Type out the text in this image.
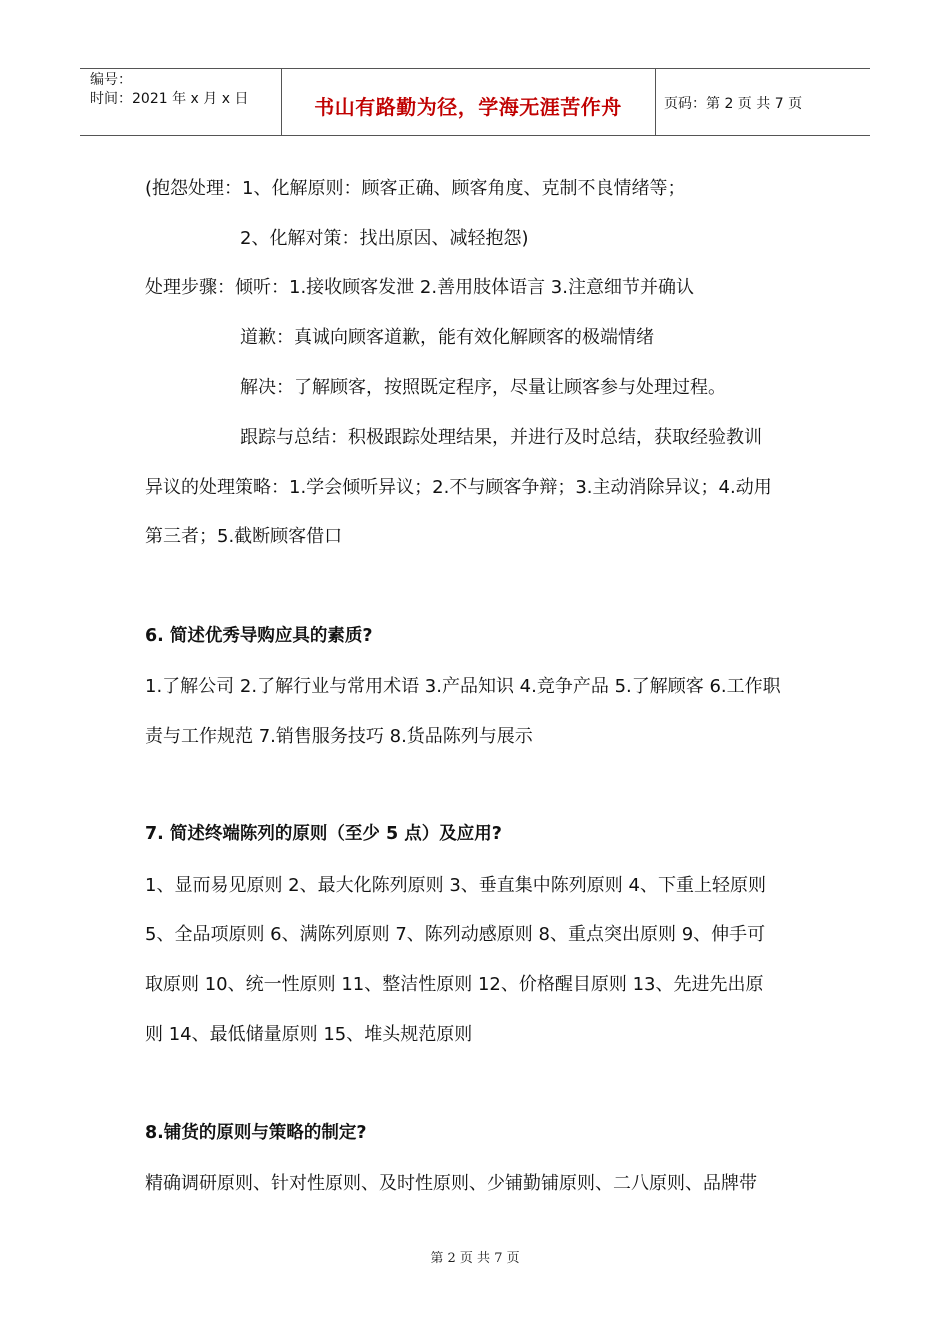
编号：
时间：2021 年 x 月 x 日	书山有路勤为径，学海无涯苦作舟	页码：第 2 页 共 7 页
(抱怨处理：1、化解原则：顾客正确、顾客角度、克制不良情绪等；
2、化解对策：找出原因、减轻抱怨)
处理步骤：倾听：1.接收顾客发泄 2.善用肢体语言 3.注意细节并确认
道歉：真诚向顾客道歉，能有效化解顾客的极端情绪
解决：了解顾客，按照既定程序，尽量让顾客参与处理过程。
跟踪与总结：积极跟踪处理结果，并进行及时总结，获取经验教训
异议的处理策略：1.学会倾听异议；2.不与顾客争辩；3.主动消除异议；4.动用
第三者；5.截断顾客借口
6. 简述优秀导购应具的素质?
1.了解公司 2.了解行业与常用术语 3.产品知识 4.竞争产品 5.了解顾客 6.工作职
责与工作规范 7.销售服务技巧 8.货品陈列与展示
7. 简述终端陈列的原则（至少 5 点）及应用?
1、显而易见原则 2、最大化陈列原则 3、垂直集中陈列原则 4、下重上轻原则
5、全品项原则 6、满陈列原则 7、陈列动感原则 8、重点突出原则 9、伸手可
取原则 10、统一性原则 11、整洁性原则 12、价格醒目原则 13、先进先出原
则 14、最低储量原则 15、堆头规范原则
8.铺货的原则与策略的制定?
精确调研原则、针对性原则、及时性原则、少铺勤铺原则、二八原则、品牌带
第 2 页 共 7 页
